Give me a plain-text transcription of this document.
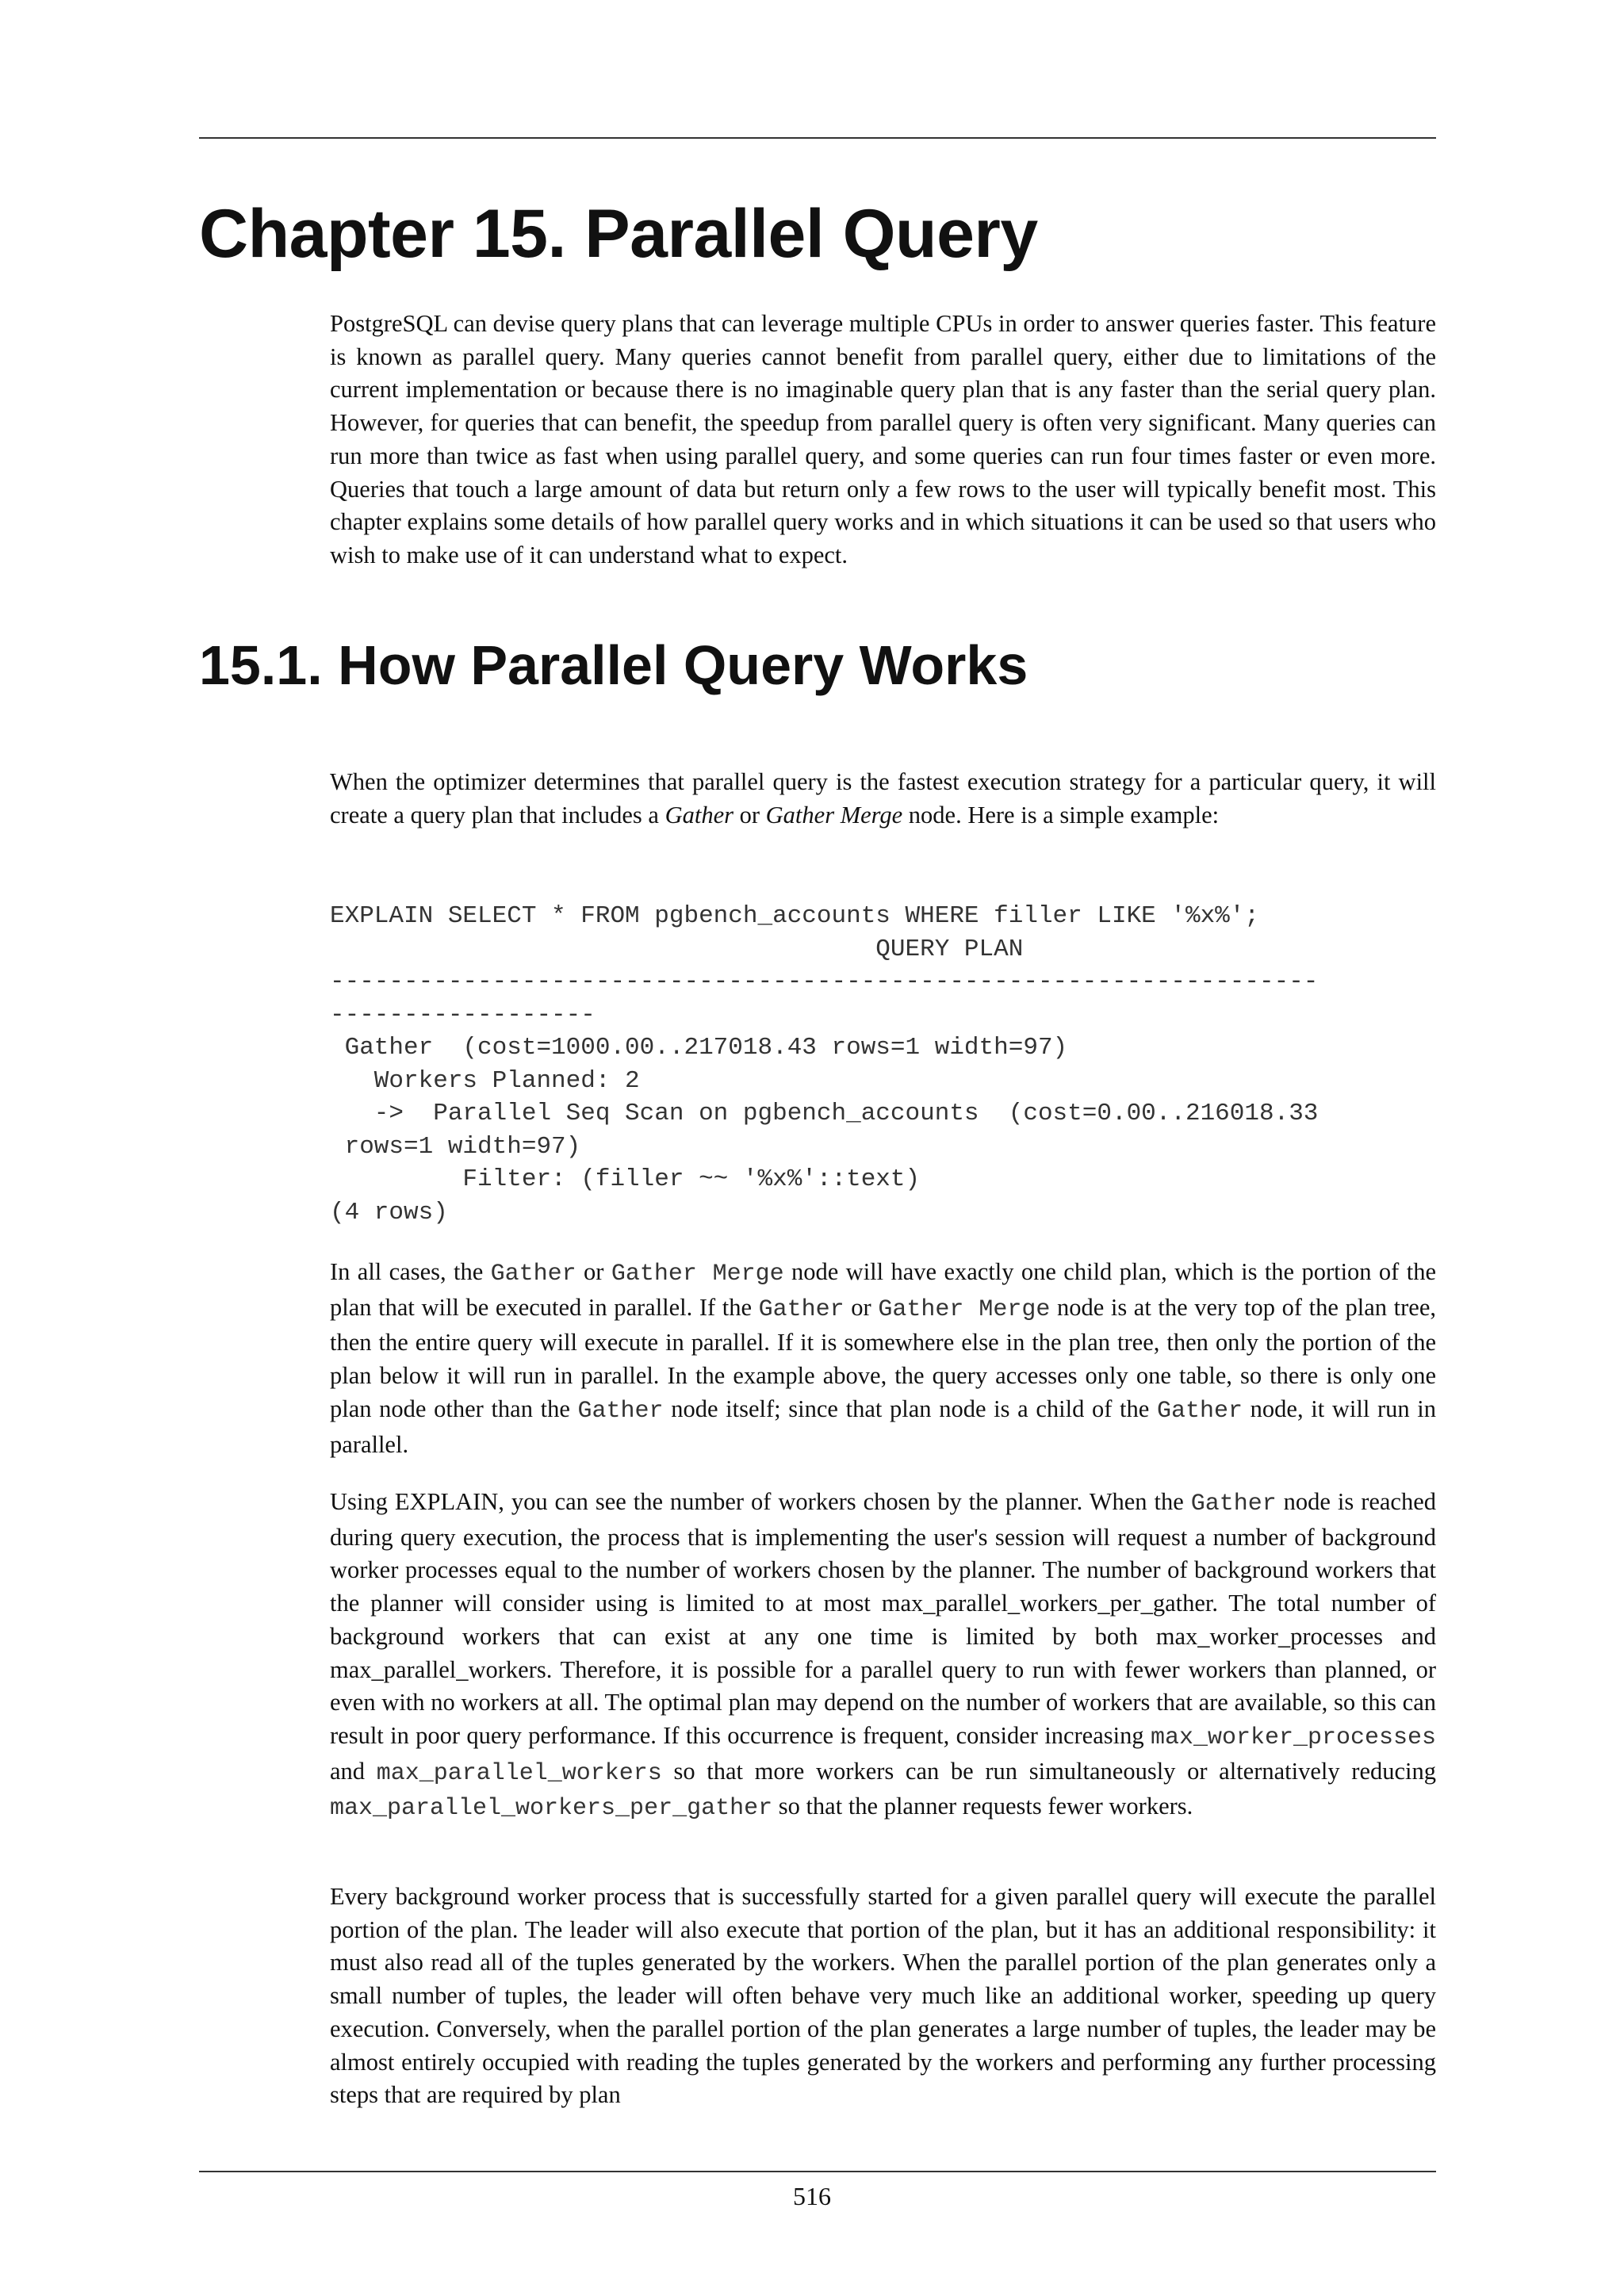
Chapter 15. Parallel Query

PostgreSQL can devise query plans that can leverage multiple CPUs in order to answer queries faster. This feature is known as parallel query. Many queries cannot benefit from parallel query, either due to limitations of the current implementation or because there is no imaginable query plan that is any faster than the serial query plan. However, for queries that can benefit, the speedup from parallel query is often very significant. Many queries can run more than twice as fast when using parallel query, and some queries can run four times faster or even more. Queries that touch a large amount of data but return only a few rows to the user will typically benefit most. This chapter explains some details of how parallel query works and in which situations it can be used so that users who wish to make use of it can understand what to expect.

15.1. How Parallel Query Works

When the optimizer determines that parallel query is the fastest execution strategy for a particular query, it will create a query plan that includes a Gather or Gather Merge node. Here is a simple example:

EXPLAIN SELECT * FROM pgbench_accounts WHERE filler LIKE '%x%';
QUERY PLAN
-------------------------------------------------------------------
------------------
Gather  (cost=1000.00..217018.43 rows=1 width=97)
Workers Planned: 2
->  Parallel Seq Scan on pgbench_accounts  (cost=0.00..216018.33
rows=1 width=97)
Filter: (filler ~~ '%x%'::text)
(4 rows)

In all cases, the Gather or Gather Merge node will have exactly one child plan, which is the portion of the plan that will be executed in parallel. If the Gather or Gather Merge node is at the very top of the plan tree, then the entire query will execute in parallel. If it is somewhere else in the plan tree, then only the portion of the plan below it will run in parallel. In the example above, the query accesses only one table, so there is only one plan node other than the Gather node itself; since that plan node is a child of the Gather node, it will run in parallel.

Using EXPLAIN, you can see the number of workers chosen by the planner. When the Gather node is reached during query execution, the process that is implementing the user's session will request a number of background worker processes equal to the number of workers chosen by the planner. The number of background workers that the planner will consider using is limited to at most max_parallel_workers_per_gather. The total number of background workers that can exist at any one time is limited by both max_worker_processes and max_parallel_workers. Therefore, it is possible for a parallel query to run with fewer workers than planned, or even with no workers at all. The optimal plan may depend on the number of workers that are available, so this can result in poor query performance. If this occurrence is frequent, consider increasing max_worker_processes and max_parallel_workers so that more workers can be run simultaneously or alternatively reducing max_parallel_workers_per_gather so that the planner requests fewer workers.

Every background worker process that is successfully started for a given parallel query will execute the parallel portion of the plan. The leader will also execute that portion of the plan, but it has an additional responsibility: it must also read all of the tuples generated by the workers. When the parallel portion of the plan generates only a small number of tuples, the leader will often behave very much like an additional worker, speeding up query execution. Conversely, when the parallel portion of the plan generates a large number of tuples, the leader may be almost entirely occupied with reading the tuples generated by the workers and performing any further processing steps that are required by plan

516
